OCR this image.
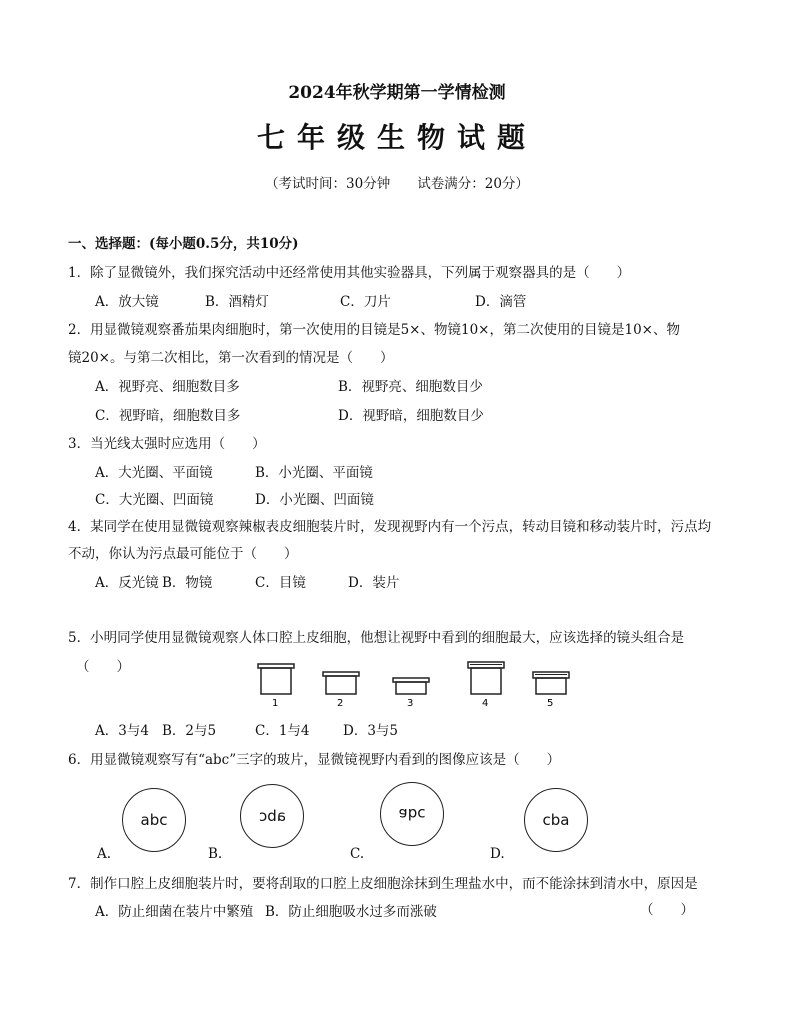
2024年秋学期第一学情检测
七年级生物试题
（考试时间：30分钟　　试卷满分：20分）
一、选择题：(每小题0.5分，共10分)
1．除了显微镜外，我们探究活动中还经常使用其他实验器具，下列属于观察器具的是（　　）
A．放大镜	B．酒精灯	C．刀片	D．滴管
2．用显微镜观察番茄果肉细胞时，第一次使用的目镜是5×、物镜10×，第二次使用的目镜是10×、物
镜20×。与第二次相比，第一次看到的情况是（　　）
A．视野亮、细胞数目多	B．视野亮、细胞数目少
C．视野暗，细胞数目多	D．视野暗，细胞数目少
3．当光线太强时应选用（　　）
A．大光圈、平面镜	B．小光圈、平面镜
C．大光圈、凹面镜	D．小光圈、凹面镜
4．某同学在使用显微镜观察辣椒表皮细胞装片时，发现视野内有一个污点，转动目镜和移动装片时，污点均
不动，你认为污点最可能位于（　　）
A．反光镜 B．物镜	C．目镜	D．装片
5．小明同学使用显微镜观察人体口腔上皮细胞，他想让视野中看到的细胞最大，应该选择的镜头组合是
1	2	3	4	5
（　　）
A．3与4 B．2与5	C．1与4 D．3与5
6．用显微镜观察写有“abc”三字的玻片，显微镜视野内看到的图像应该是（　　）
abc	abc	abc	cba
A.	B.	C.	D.
7．制作口腔上皮细胞装片时，要将刮取的口腔上皮细胞涂抹到生理盐水中，而不能涂抹到清水中，原因是
A．防止细菌在装片中繁殖 B．防止细胞吸水过多而涨破	（　　）
